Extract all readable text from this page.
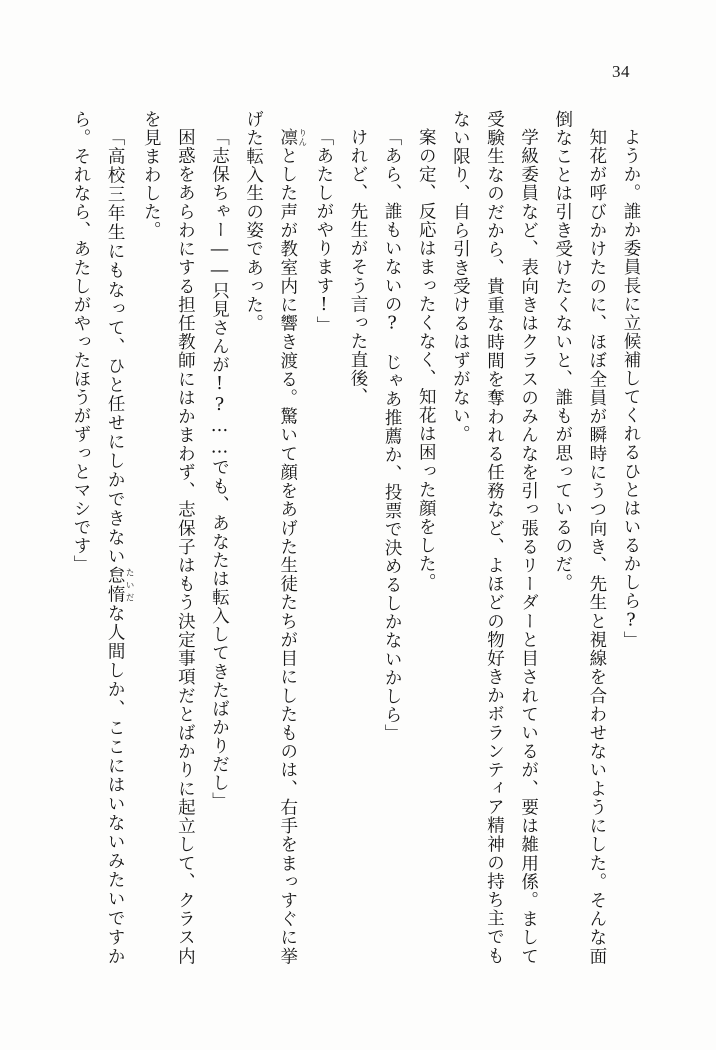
34

ようか。誰か委員長に立候補してくれるひとはいるかしら?」

知花が呼びかけたのに、ほぼ全員が瞬時にうつ向き、先生と視線を合わせないようにした。そんな面倒なことは引き受けたくないと、誰もが思っているのだ。

学級委員など、表向きはクラスのみんなを引っ張るリーダーと目されているが、要は雑用係。まして受験生なのだから、貴重な時間を奪われる任務など、よほどの物好きかボランティア精神の持ち主でもない限り、自ら引き受けるはずがない。

案の定、反応はまったくなく、知花は困った顔をした。

「あら、誰もいないの?　じゃあ推薦か、投票で決めるしかないかしら」

けれど、先生がそう言った直後、

「あたしがやります!」

凛 りんとした声が教室内に響き渡る。驚いて顔をあげた生徒たちが目にしたものは、右手をまっすぐに挙げた転入生の姿であった。

「志保ちゃー――只見さんが!?……でも、あなたは転入してきたばかりだし」

困惑をあらわにする担任教師にはかまわず、志保子はもう決定事項だとばかりに起立して、クラス内を見まわした。

「高校三年生にもなって、ひと任せにしかできない怠惰 たいだな人間しか、ここにはいないみたいですから。それなら、あたしがやったほうがずっとマシです」
